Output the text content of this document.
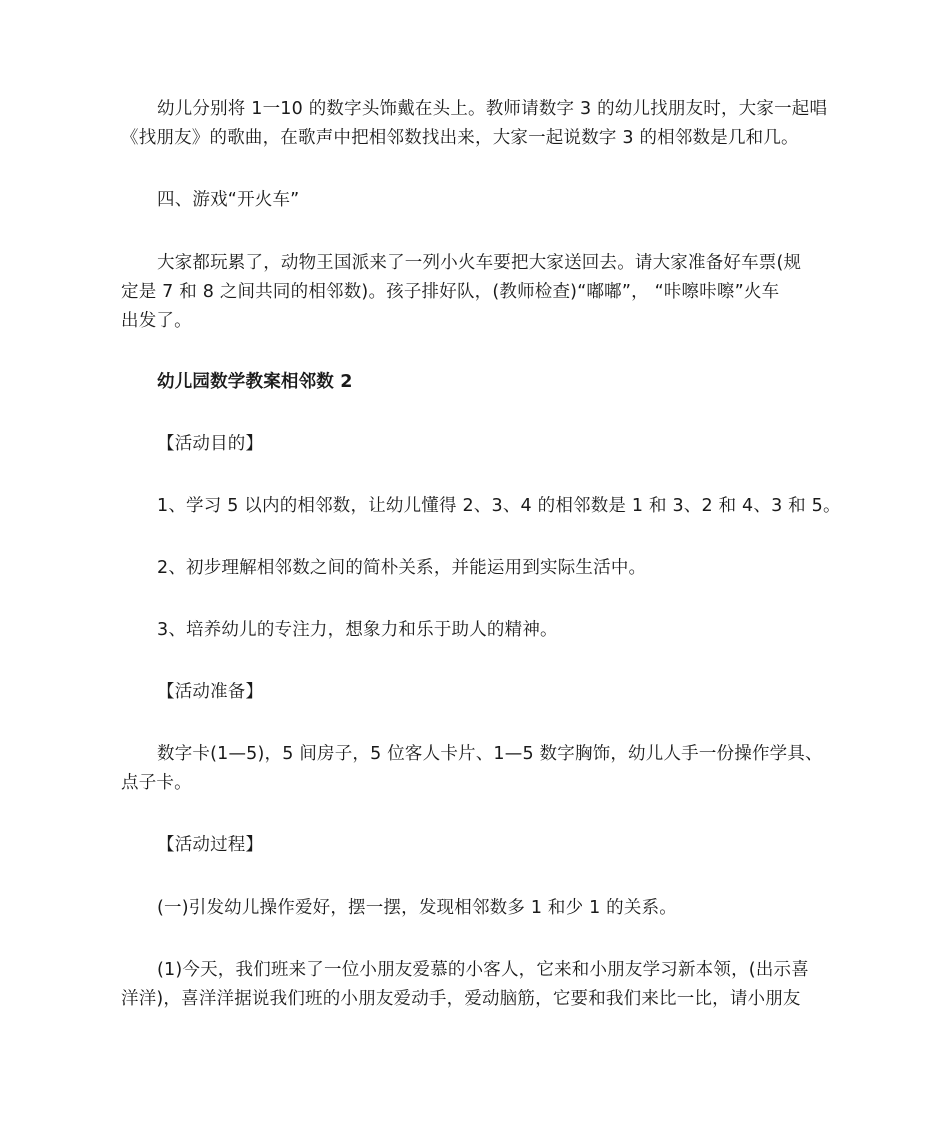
幼儿分别将 1一10 的数字头饰戴在头上。教师请数字 3 的幼儿找朋友时，大家一起唱
《找朋友》的歌曲，在歌声中把相邻数找出来，大家一起说数字 3 的相邻数是几和几。

四、游戏“开火车”

大家都玩累了，动物王国派来了一列小火车要把大家送回去。请大家准备好车票(规
定是 7 和 8 之间共同的相邻数)。孩子排好队，(教师检查)“嘟嘟”， “咔嚓咔嚓”火车
出发了。

幼儿园数学教案相邻数 2

【活动目的】

1、学习 5 以内的相邻数，让幼儿懂得 2、3、4 的相邻数是 1 和 3、2 和 4、3 和 5。

2、初步理解相邻数之间的简朴关系，并能运用到实际生活中。

3、培养幼儿的专注力，想象力和乐于助人的精神。

【活动准备】

数字卡(1—5)，5 间房子，5 位客人卡片、1—5 数字胸饰，幼儿人手一份操作学具、
点子卡。

【活动过程】

(一)引发幼儿操作爱好，摆一摆，发现相邻数多 1 和少 1 的关系。

(1)今天，我们班来了一位小朋友爱慕的小客人，它来和小朋友学习新本领，(出示喜
洋洋)，喜洋洋据说我们班的小朋友爱动手，爱动脑筋，它要和我们来比一比，请小朋友
